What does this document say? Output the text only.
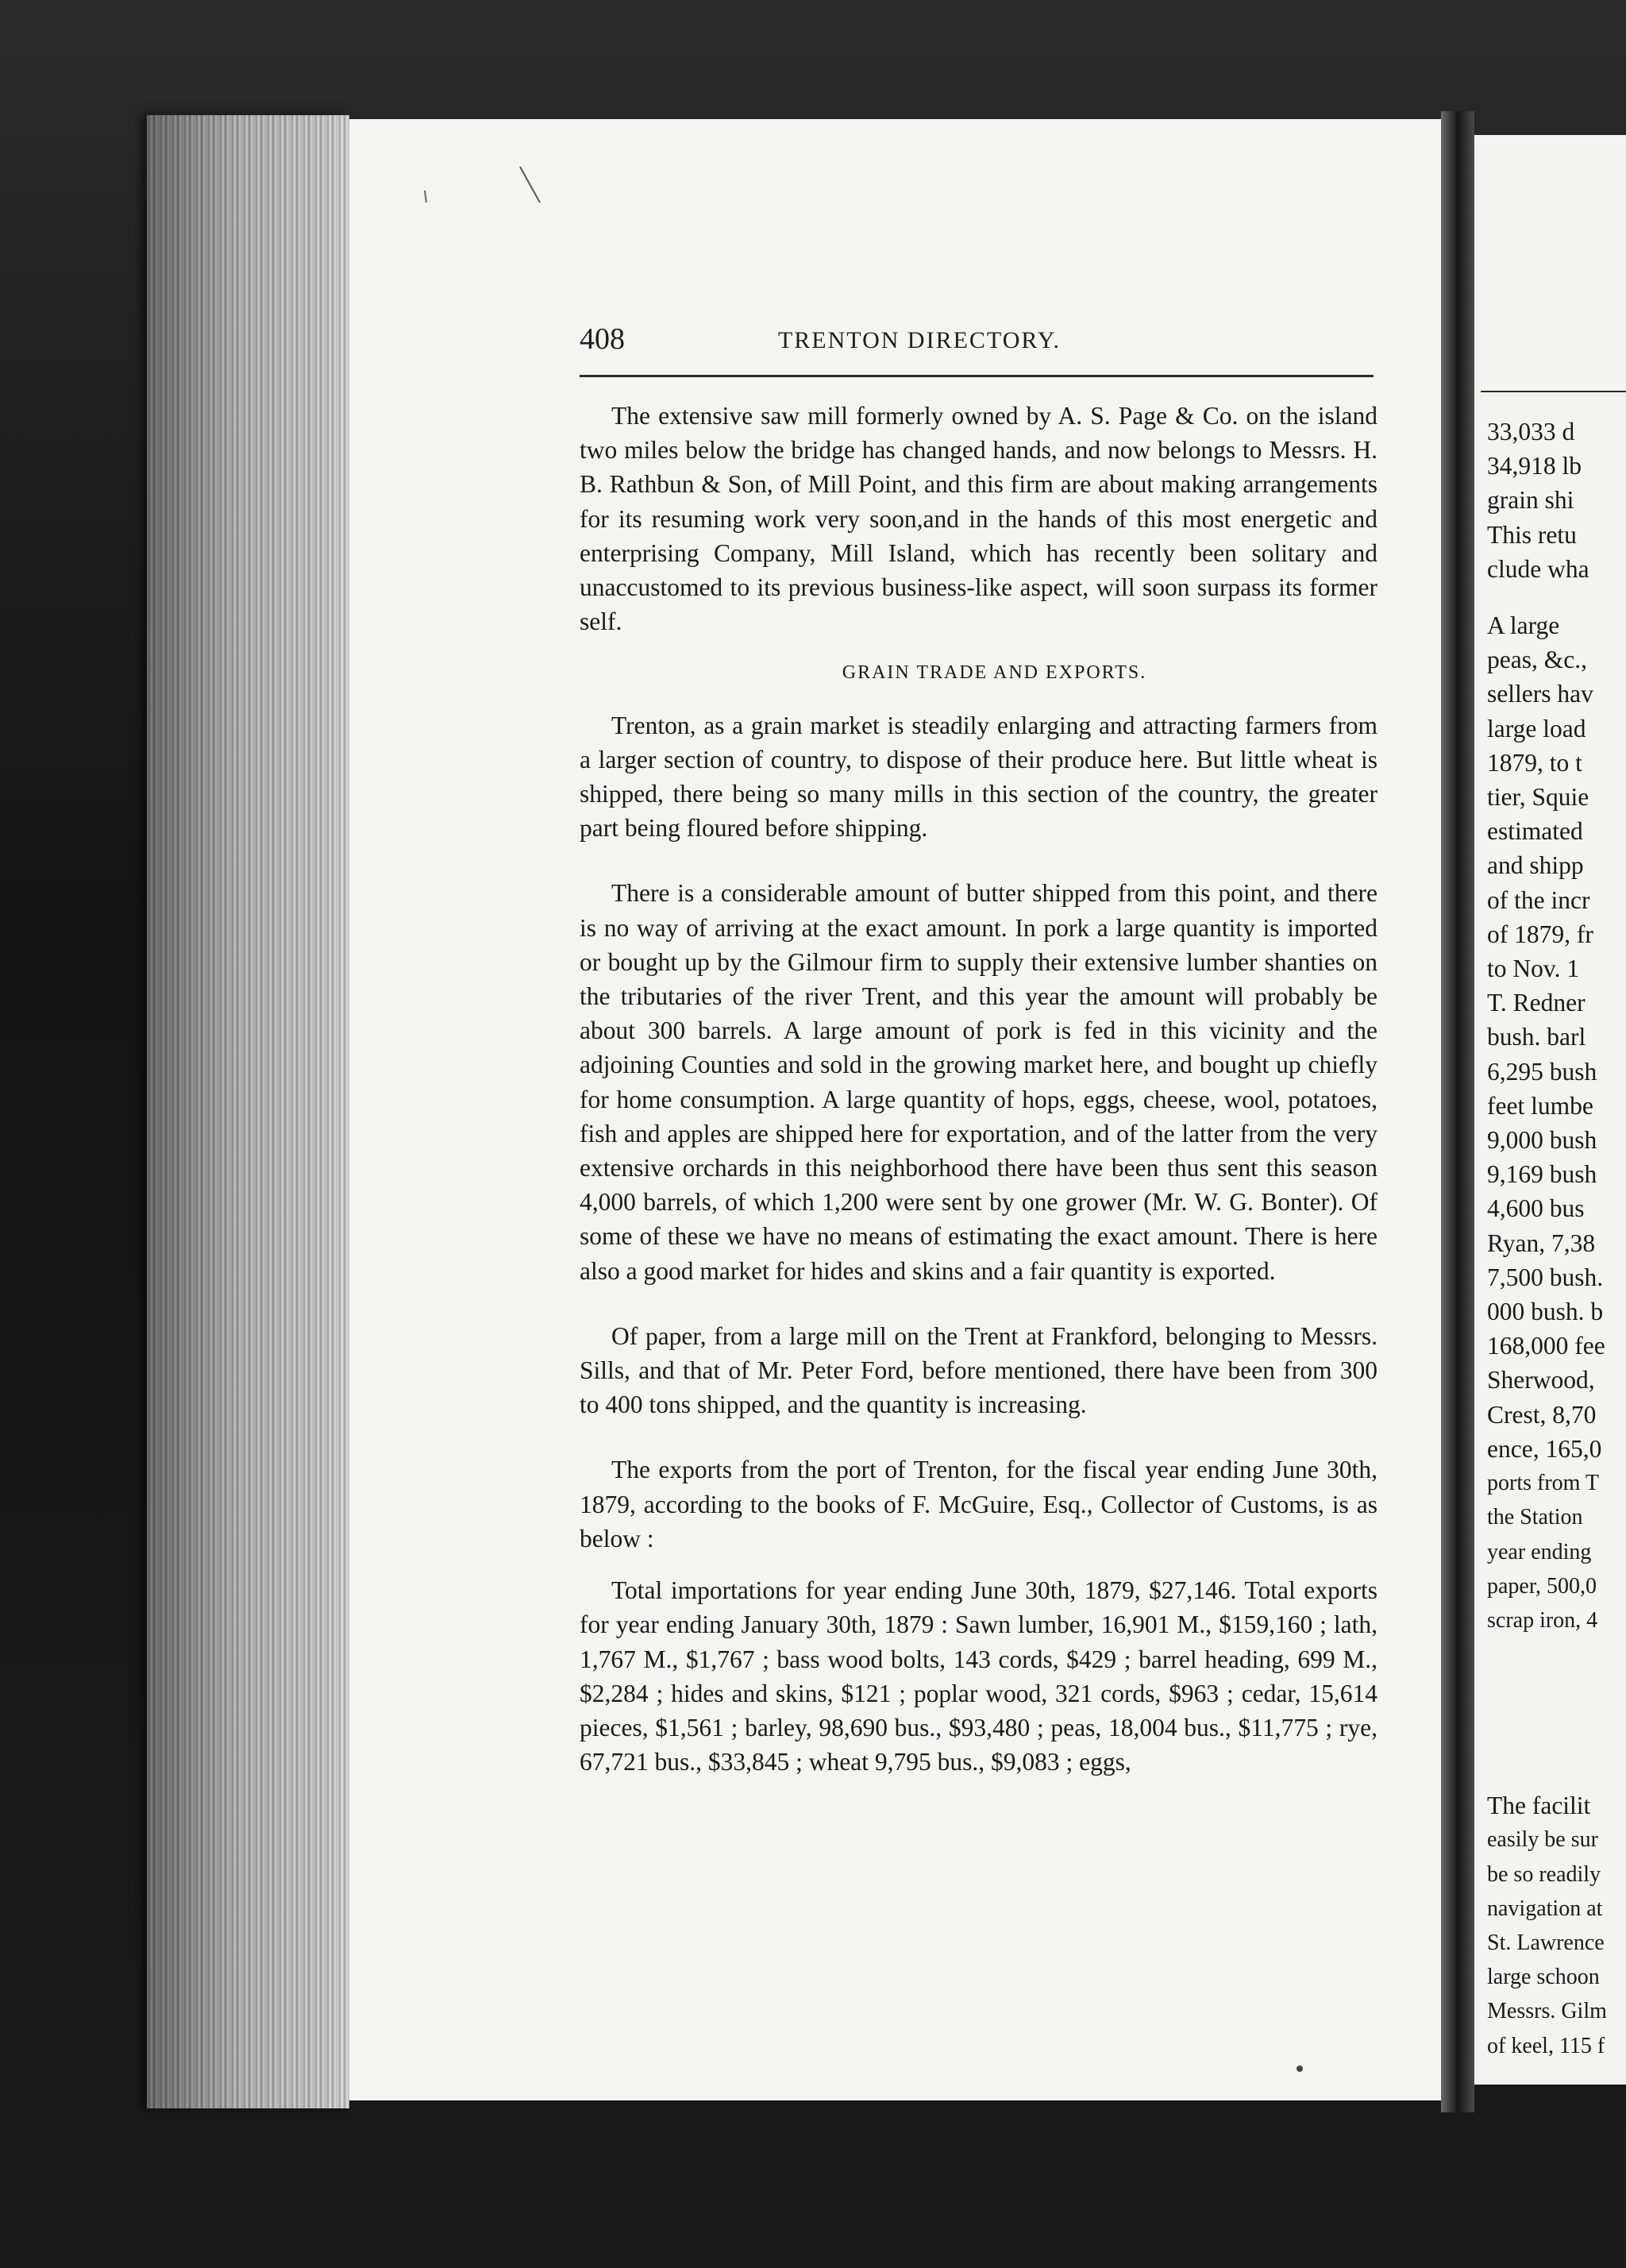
408	TRENTON DIRECTORY.

The extensive saw mill formerly owned by A. S. Page & Co. on the island two miles below the bridge has changed hands, and now belongs to Messrs. H. B. Rathbun & Son, of Mill Point, and this firm are about making arrangements for its resuming work very soon,and in the hands of this most energetic and enterprising Company, Mill Island, which has recently been solitary and unaccustomed to its previous business-like aspect, will soon surpass its former self.

GRAIN TRADE AND EXPORTS.

Trenton, as a grain market is steadily enlarging and attracting farmers from a larger section of country, to dispose of their produce here. But little wheat is shipped, there being so many mills in this section of the country, the greater part being floured before shipping.

There is a considerable amount of butter shipped from this point, and there is no way of arriving at the exact amount. In pork a large quantity is imported or bought up by the Gilmour firm to supply their extensive lumber shanties on the tributaries of the river Trent, and this year the amount will probably be about 300 barrels. A large amount of pork is fed in this vicinity and the adjoining Counties and sold in the growing market here, and bought up chiefly for home consumption. A large quantity of hops, eggs, cheese, wool, potatoes, fish and apples are shipped here for exportation, and of the latter from the very extensive orchards in this neighborhood there have been thus sent this season 4,000 barrels, of which 1,200 were sent by one grower (Mr. W. G. Bonter). Of some of these we have no means of estimating the exact amount. There is here also a good market for hides and skins and a fair quantity is exported.

Of paper, from a large mill on the Trent at Frankford, belonging to Messrs. Sills, and that of Mr. Peter Ford, before mentioned, there have been from 300 to 400 tons shipped, and the quantity is increasing.

The exports from the port of Trenton, for the fiscal year ending June 30th, 1879, according to the books of F. McGuire, Esq., Collector of Customs, is as below :

Total importations for year ending June 30th, 1879, $27,146. Total exports for year ending January 30th, 1879 : Sawn lumber, 16,901 M., $159,160 ; lath, 1,767 M., $1,767 ; bass wood bolts, 143 cords, $429 ; barrel heading, 699 M., $2,284 ; hides and skins, $121 ; poplar wood, 321 cords, $963 ; cedar, 15,614 pieces, $1,561 ; barley, 98,690 bus., $93,480 ; peas, 18,004 bus., $11,775 ; rye, 67,721 bus., $33,845 ; wheat 9,795 bus., $9,083 ; eggs,

33,033 d
34,918 lb
grain shi
This retu
clude wha
A large
peas, &c.,
sellers hav
large load
1879, to t
tier, Squie
estimated
and shipp
of the incr
of 1879, fr
to Nov. 1
T. Redner
bush. barl
6,295 bush
feet lumbe
9,000 bush
9,169 bush
4,600 bus
Ryan, 7,38
7,500 bush.
000 bush. b
168,000 fee
Sherwood,
Crest, 8,70
ence, 165,0
ports from T
the Station
year ending
paper, 500,0
scrap iron, 4
The facilit
easily be sur
be so readily
navigation at
St. Lawrence
large schoon
Messrs. Gilm
of keel, 115 f
